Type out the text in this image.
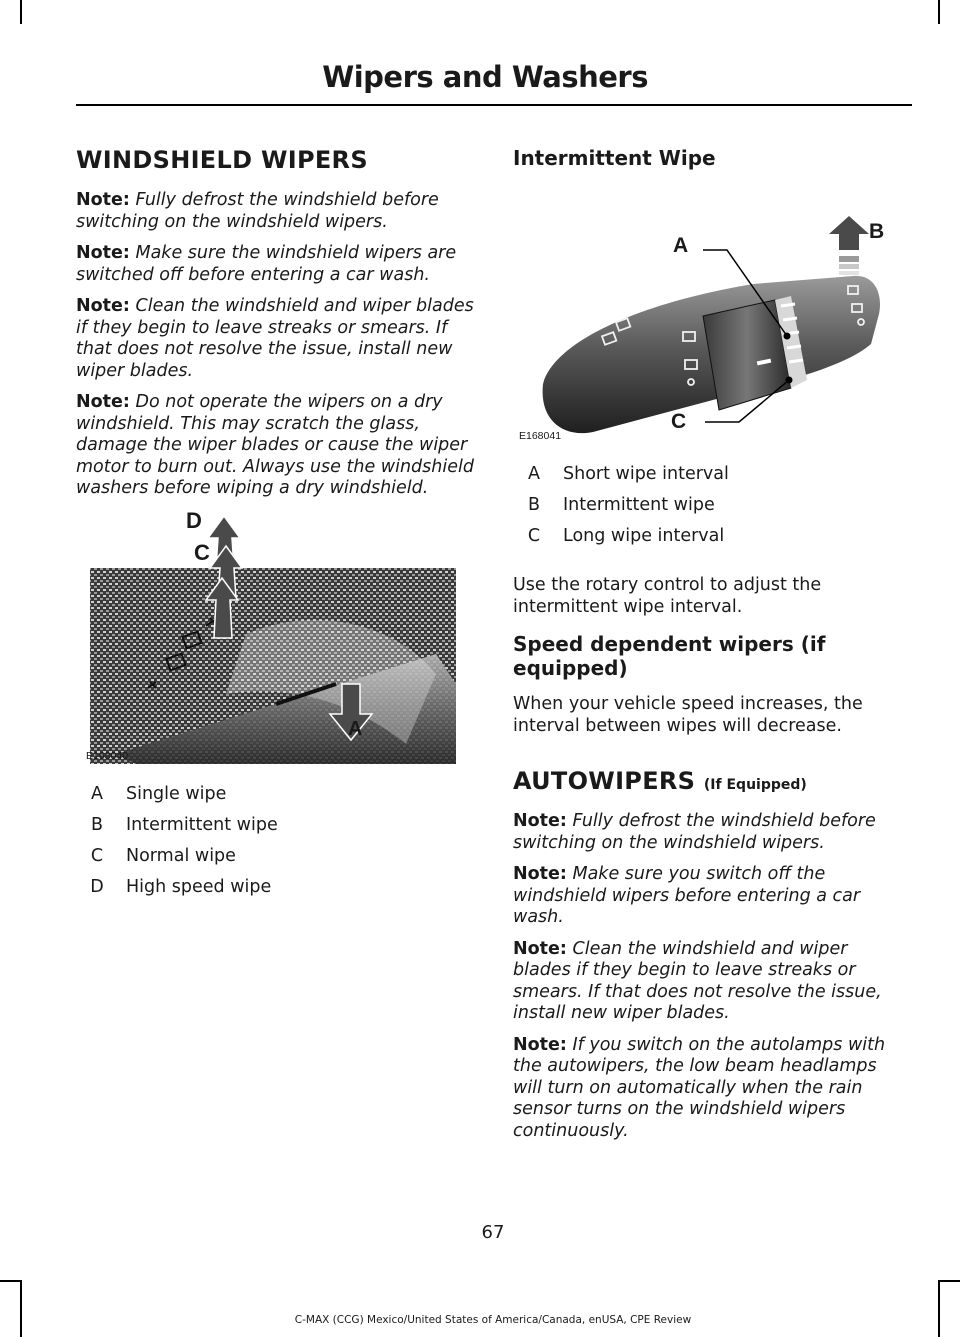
Wipers and Washers
WINDSHIELD WIPERS

Note: Fully defrost the windshield before switching on the windshield wipers.

Note: Make sure the windshield wipers are switched off before entering a car wash.

Note: Clean the windshield and wiper blades if they begin to leave streaks or smears. If that does not resolve the issue, install new wiper blades.

Note: Do not operate the wipers on a dry windshield. This may scratch the glass, damage the wiper blades or cause the wiper motor to burn out. Always use the windshield washers before wiping a dry windshield.

D
C
A
E168040
A	Single wipe
B	Intermittent wipe
C	Normal wipe
D	High speed wipe
Intermittent Wipe
A
B
C
E168041
A	Short wipe interval
B	Intermittent wipe
C	Long wipe interval

Use the rotary control to adjust the intermittent wipe interval.

Speed dependent wipers (if equipped)

When your vehicle speed increases, the interval between wipes will decrease.

AUTOWIPERS (If Equipped)

Note: Fully defrost the windshield before switching on the windshield wipers.

Note: Make sure you switch off the windshield wipers before entering a car wash.

Note: Clean the windshield and wiper blades if they begin to leave streaks or smears. If that does not resolve the issue, install new wiper blades.

Note: If you switch on the autolamps with the autowipers, the low beam headlamps will turn on automatically when the rain sensor turns on the windshield wipers continuously.

67
C-MAX (CCG) Mexico/United States of America/Canada, enUSA, CPE Review
